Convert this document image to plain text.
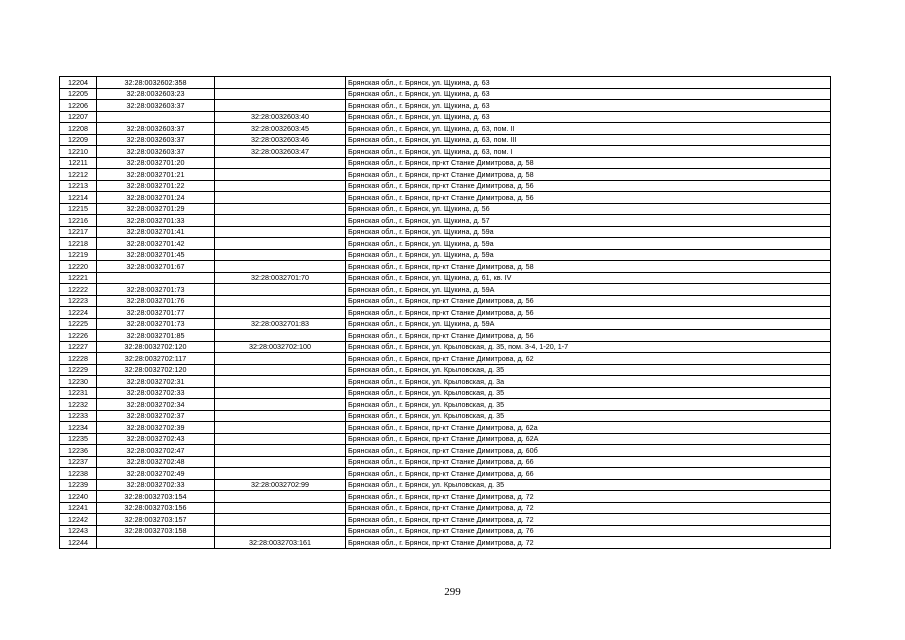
12204	32:28:0032602:358		Брянская обл., г. Брянск, ул. Щукина, д. 63
12205	32:28:0032603:23		Брянская обл., г. Брянск, ул. Щукина, д. 63
12206	32:28:0032603:37		Брянская обл., г. Брянск, ул. Щукина, д. 63
12207		32:28:0032603:40	Брянская обл., г. Брянск, ул. Щукина, д. 63
12208	32:28:0032603:37	32:28:0032603:45	Брянская обл., г. Брянск, ул. Щукина, д. 63, пом. II
12209	32:28:0032603:37	32:28:0032603:46	Брянская обл., г. Брянск, ул. Щукина, д. 63, пом. III
12210	32:28:0032603:37	32:28:0032603:47	Брянская обл., г. Брянск, ул. Щукина, д. 63, пом. I
12211	32:28:0032701:20		Брянская обл., г. Брянск, пр-кт Станке Димитрова, д. 58
12212	32:28:0032701:21		Брянская обл., г. Брянск, пр-кт Станке Димитрова, д. 58
12213	32:28:0032701:22		Брянская обл., г. Брянск, пр-кт Станке Димитрова, д. 56
12214	32:28:0032701:24		Брянская обл., г. Брянск, пр-кт Станке Димитрова, д. 56
12215	32:28:0032701:29		Брянская обл., г. Брянск, ул. Щукина, д. 56
12216	32:28:0032701:33		Брянская обл., г. Брянск, ул. Щукина, д. 57
12217	32:28:0032701:41		Брянская обл., г. Брянск, ул. Щукина, д. 59а
12218	32:28:0032701:42		Брянская обл., г. Брянск, ул. Щукина, д. 59а
12219	32:28:0032701:45		Брянская обл., г. Брянск, ул. Щукина, д. 59а
12220	32:28:0032701:67		Брянская обл., г. Брянск, пр-кт Станке Димитрова, д. 58
12221		32:28:0032701:70	Брянская обл., г. Брянск, ул. Щукина, д. 61, кв. IV
12222	32:28:0032701:73		Брянская обл., г. Брянск, ул. Щукина, д. 59А
12223	32:28:0032701:76		Брянская обл., г. Брянск, пр-кт Станке Димитрова, д. 56
12224	32:28:0032701:77		Брянская обл., г. Брянск, пр-кт Станке Димитрова, д. 56
12225	32:28:0032701:73	32:28:0032701:83	Брянская обл., г. Брянск, ул. Щукина, д. 59А
12226	32:28:0032701:85		Брянская обл., г. Брянск, пр-кт Станке Димитрова, д. 56
12227	32:28:0032702:120	32:28:0032702:100	Брянская обл., г. Брянск, ул. Крыловская, д. 35, пом. 3-4, 1-20, 1-7
12228	32:28:0032702:117		Брянская обл., г. Брянск, пр-кт Станке Димитрова, д. 62
12229	32:28:0032702:120		Брянская обл., г. Брянск, ул. Крыловская, д. 35
12230	32:28:0032702:31		Брянская обл., г. Брянск, ул. Крыловская, д. 3а
12231	32:28:0032702:33		Брянская обл., г. Брянск, ул. Крыловская, д. 35
12232	32:28:0032702:34		Брянская обл., г. Брянск, ул. Крыловская, д. 35
12233	32:28:0032702:37		Брянская обл., г. Брянск, ул. Крыловская, д. 35
12234	32:28:0032702:39		Брянская обл., г. Брянск, пр-кт Станке Димитрова, д. 62а
12235	32:28:0032702:43		Брянская обл., г. Брянск, пр-кт Станке Димитрова, д. 62А
12236	32:28:0032702:47		Брянская обл., г. Брянск, пр-кт Станке Димитрова, д. 60б
12237	32:28:0032702:48		Брянская обл., г. Брянск, пр-кт Станке Димитрова, д. 66
12238	32:28:0032702:49		Брянская обл., г. Брянск, пр-кт Станке Димитрова, д. 66
12239	32:28:0032702:33	32:28:0032702:99	Брянская обл., г. Брянск, ул. Крыловская, д. 35
12240	32:28:0032703:154		Брянская обл., г. Брянск, пр-кт Станке Димитрова, д. 72
12241	32:28:0032703:156		Брянская обл., г. Брянск, пр-кт Станке Димитрова, д. 72
12242	32:28:0032703:157		Брянская обл., г. Брянск, пр-кт Станке Димитрова, д. 72
12243	32:28:0032703:158		Брянская обл., г. Брянск, пр-кт Станке Димитрова, д. 76
12244		32:28:0032703:161	Брянская обл., г. Брянск, пр-кт Станке Димитрова, д. 72
299
